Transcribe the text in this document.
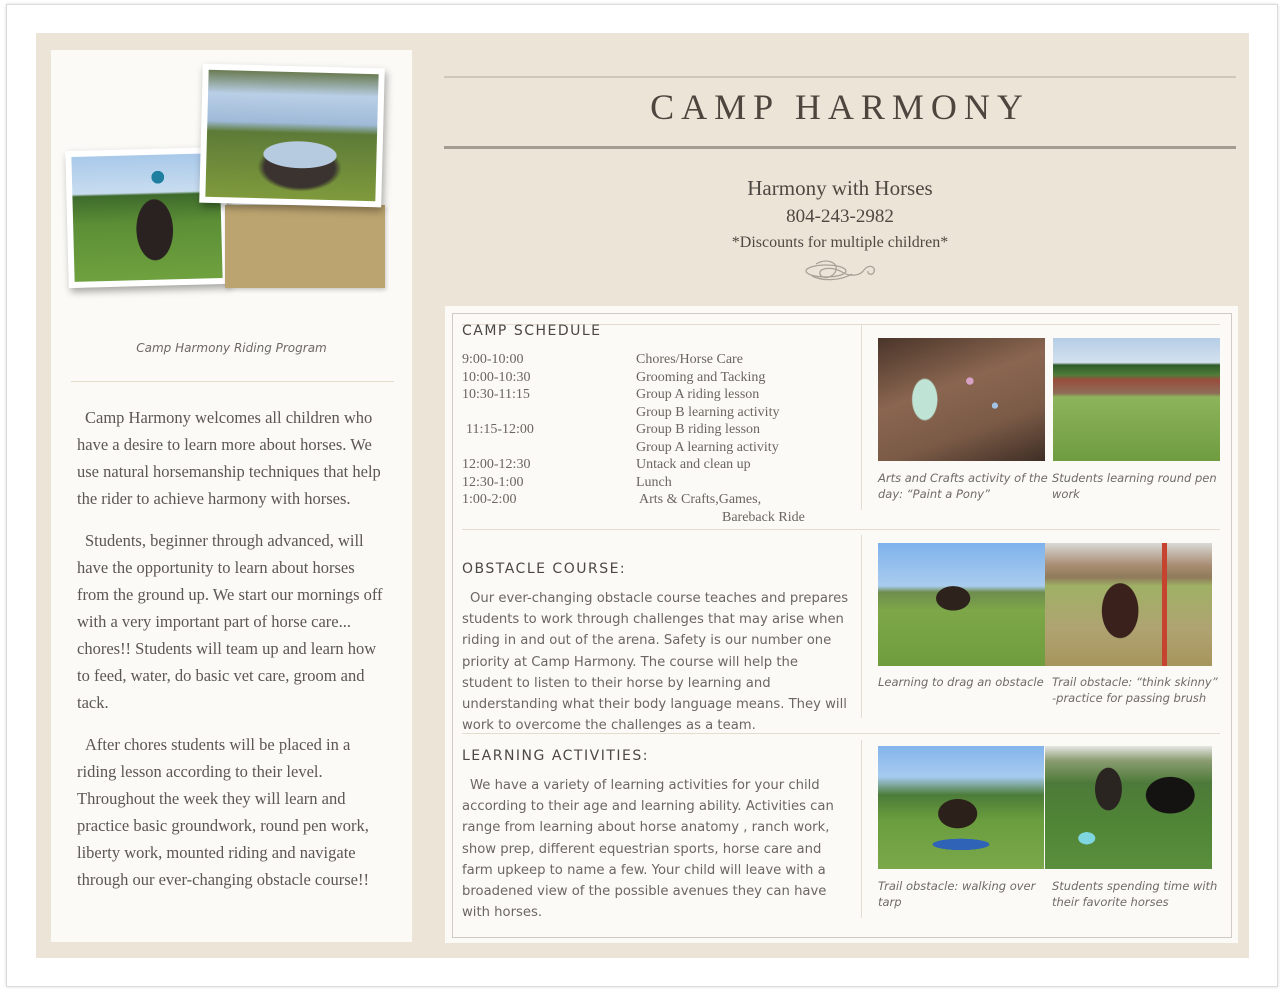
Camp Harmony Riding Program

Camp Harmony welcomes all children who have a desire to learn more about horses. We use natural horsemanship techniques that help the rider to achieve harmony with horses.

Students, beginner through advanced, will have the opportunity to learn about horses from the ground up. We start our mornings off with a very important part of horse care... chores!! Students will team up and learn how to feed, water, do basic vet care, groom and tack.

After chores students will be placed in a riding lesson according to their level. Throughout the week they will learn and practice basic groundwork, round pen work, liberty work, mounted riding and navigate through our ever-changing obstacle course!!

CAMP HARMONY
Harmony with Horses
804-243-2982
*Discounts for multiple children*
CAMP SCHEDULE
9:00-10:00	Chores/Horse Care
10:00-10:30	Grooming and Tacking
10:30-11:15	Group A riding lesson
Group B learning activity
11:15-12:00	Group B riding lesson
Group A learning activity
12:00-12:30	Untack and clean up
12:30-1:00	Lunch
1:00-2:00	Arts & Crafts,Games,
Bareback Ride
OBSTACLE COURSE:
Our ever-changing obstacle course teaches and prepares students to work through challenges that may arise when riding in and out of the arena. Safety is our number one priority at Camp Harmony. The course will help the student to listen to their horse by learning and understanding what their body language means. They will work to overcome the challenges as a team.
LEARNING ACTIVITIES:
We have a variety of learning activities for your child according to their age and learning ability. Activities can range from learning about horse anatomy , ranch work, show prep, different equestrian sports, horse care and farm upkeep to name a few. Your child will leave with a broadened view of the possible avenues they can have with horses.
Arts and Crafts activity of the day: “Paint a Pony”
Students learning round pen work
Learning to drag an obstacle Trail obstacle: “think skinny” -practice for passing brush
Trail obstacle: walking over tarp
Students spending time with their favorite horses
